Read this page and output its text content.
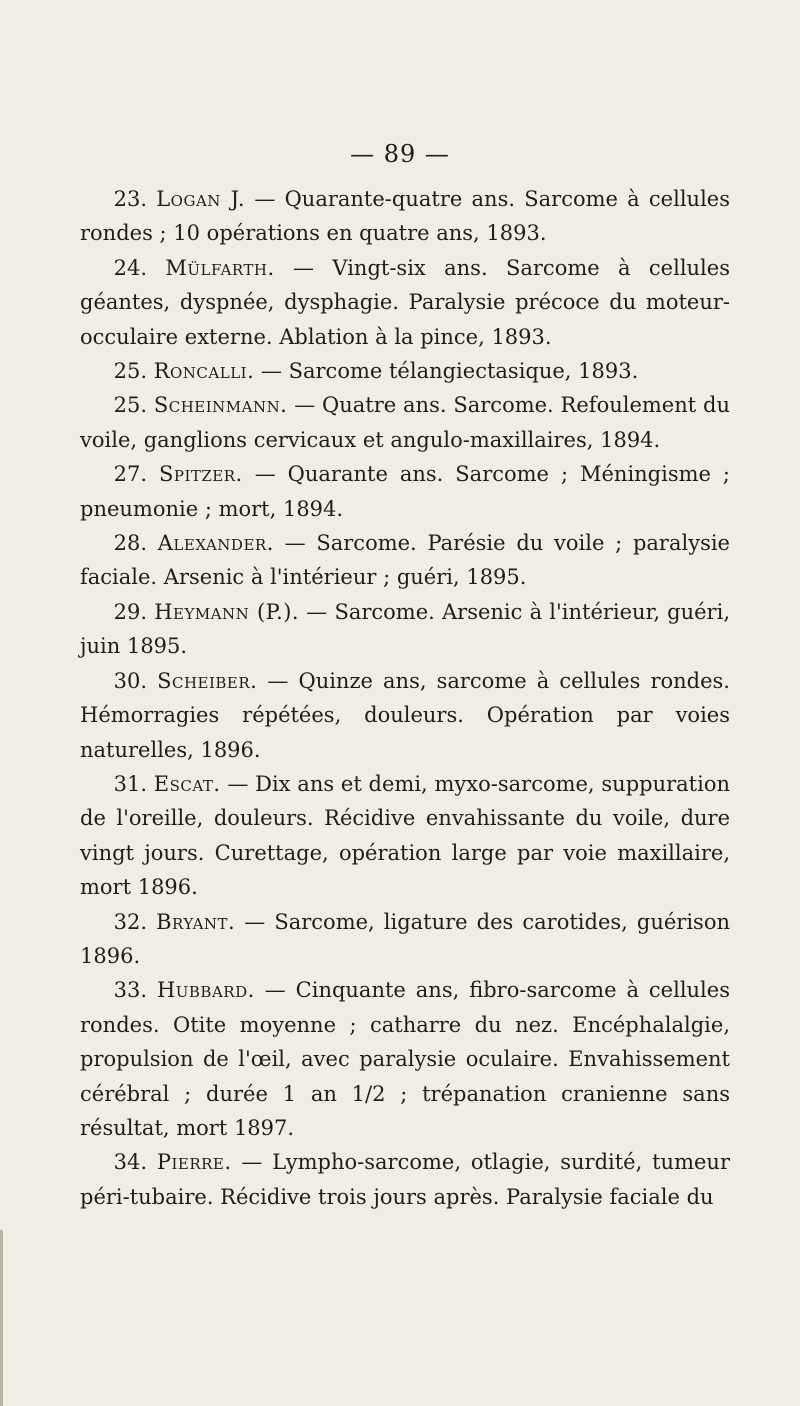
— 89 —

23. Logan J. — Quarante-quatre ans. Sarcome à cellules rondes ; 10 opérations en quatre ans, 1893.

24. Mülfarth. — Vingt-six ans. Sarcome à cellules géantes, dyspnée, dysphagie. Paralysie précoce du moteur-occulaire externe. Ablation à la pince, 1893.

25. Roncalli. — Sarcome télangiectasique, 1893.

25. Scheinmann. — Quatre ans. Sarcome. Refoulement du voile, ganglions cervicaux et angulo-maxillaires, 1894.

27. Spitzer. — Quarante ans. Sarcome ; Méningisme ; pneumonie ; mort, 1894.

28. Alexander. — Sarcome. Parésie du voile ; paralysie faciale. Arsenic à l'intérieur ; guéri, 1895.

29. Heymann (P.). — Sarcome. Arsenic à l'intérieur, guéri, juin 1895.

30. Scheiber. — Quinze ans, sarcome à cellules rondes. Hémorragies répétées, douleurs. Opération par voies naturelles, 1896.

31. Escat. — Dix ans et demi, myxo-sarcome, suppuration de l'oreille, douleurs. Récidive envahissante du voile, dure vingt jours. Curettage, opération large par voie maxillaire, mort 1896.

32. Bryant. — Sarcome, ligature des carotides, guérison 1896.

33. Hubbard. — Cinquante ans, fibro-sarcome à cellules rondes. Otite moyenne ; catharre du nez. Encéphalalgie, propulsion de l'œil, avec paralysie oculaire. Envahissement cérébral ; durée 1 an 1/2 ; trépanation cranienne sans résultat, mort 1897.

34. Pierre. — Lympho-sarcome, otlagie, surdité, tumeur péri-tubaire. Récidive trois jours après. Paralysie faciale du
